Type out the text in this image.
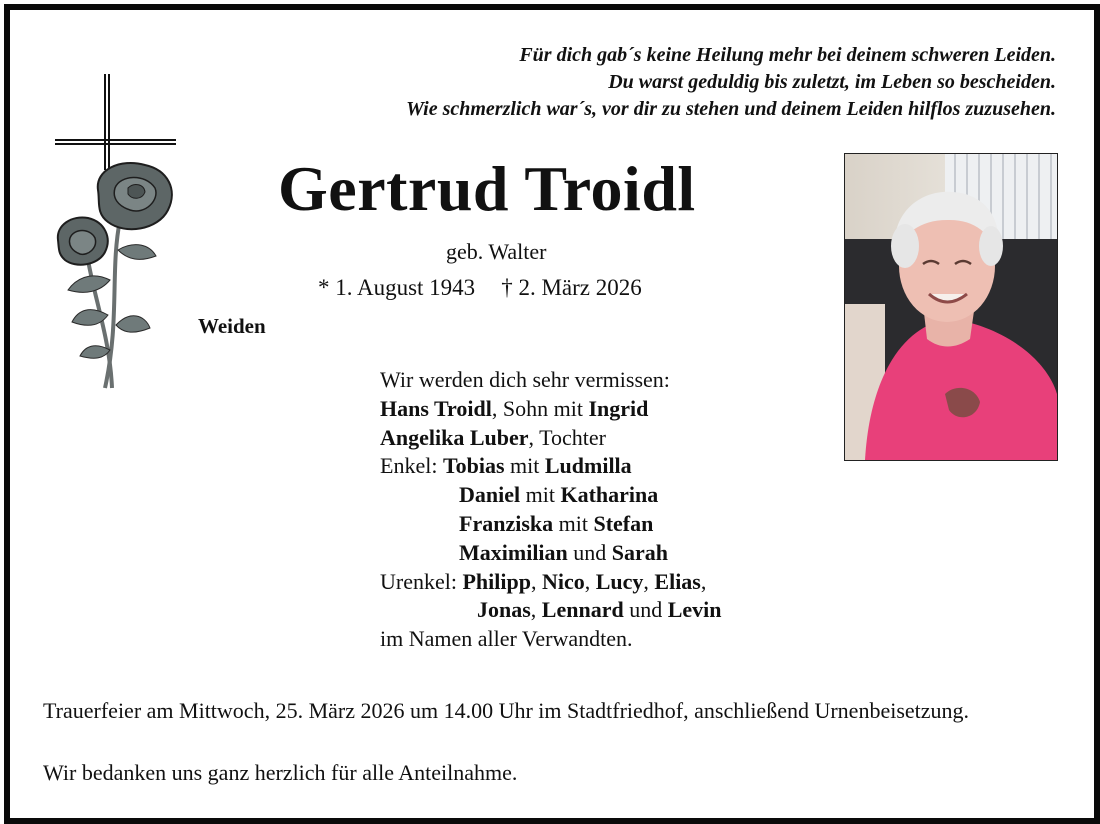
Für dich gab´s keine Heilung mehr bei deinem schweren Leiden.
Du warst geduldig bis zuletzt, im Leben so bescheiden.
Wie schmerzlich war´s, vor dir zu stehen und deinem Leiden hilflos zuzusehen.
Gertrud Troidl
geb. Walter
* 1. August 1943 † 2. März 2026
Weiden
Wir werden dich sehr vermissen:
Hans Troidl, Sohn mit Ingrid
Angelika Luber, Tochter
Enkel: Tobias mit Ludmilla
Daniel mit Katharina
Franziska mit Stefan
Maximilian und Sarah
Urenkel: Philipp, Nico, Lucy, Elias,
Jonas, Lennard und Levin
im Namen aller Verwandten.
Trauerfeier am Mittwoch, 25. März 2026 um 14.00 Uhr im Stadtfriedhof, anschließend Urnenbeisetzung.
Wir bedanken uns ganz herzlich für alle Anteilnahme.
